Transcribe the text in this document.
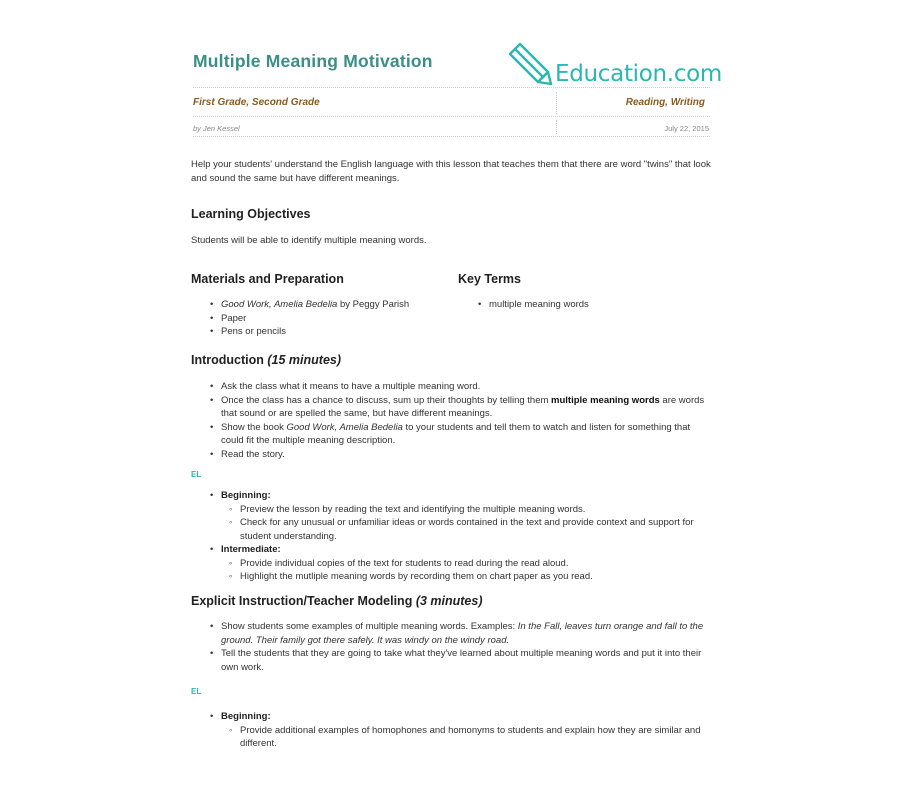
Multiple Meaning Motivation	Education.com
First Grade, Second Grade	Reading, Writing
by Jen Kessel	July 22, 2015

Help your students' understand the English language with this lesson that teaches them that there are word "twins" that look and sound the same but have different meanings.

Learning Objectives

Students will be able to identify multiple meaning words.

Materials and Preparation
• Good Work, Amelia Bedelia by Peggy Parish
• Paper
• Pens or pencils
Key Terms
• multiple meaning words
Introduction (15 minutes)
• Ask the class what it means to have a multiple meaning word.
• Once the class has a chance to discuss, sum up their thoughts by telling them multiple meaning words are words that sound or are spelled the same, but have different meanings.
• Show the book Good Work, Amelia Bedelia to your students and tell them to watch and listen for something that could fit the multiple meaning description.
• Read the story.
EL
• Beginning:
◦ Preview the lesson by reading the text and identifying the multiple meaning words.
◦ Check for any unusual or unfamiliar ideas or words contained in the text and provide context and support for student understanding.
• Intermediate:
◦ Provide individual copies of the text for students to read during the read aloud.
◦ Highlight the mutliple meaning words by recording them on chart paper as you read.
Explicit Instruction/Teacher Modeling (3 minutes)
• Show students some examples of multiple meaning words. Examples: In the Fall, leaves turn orange and fall to the ground. Their family got there safely. It was windy on the windy road.
• Tell the students that they are going to take what they've learned about multiple meaning words and put it into their own work.
EL
• Beginning:
◦ Provide additional examples of homophones and homonyms to students and explain how they are similar and different.
